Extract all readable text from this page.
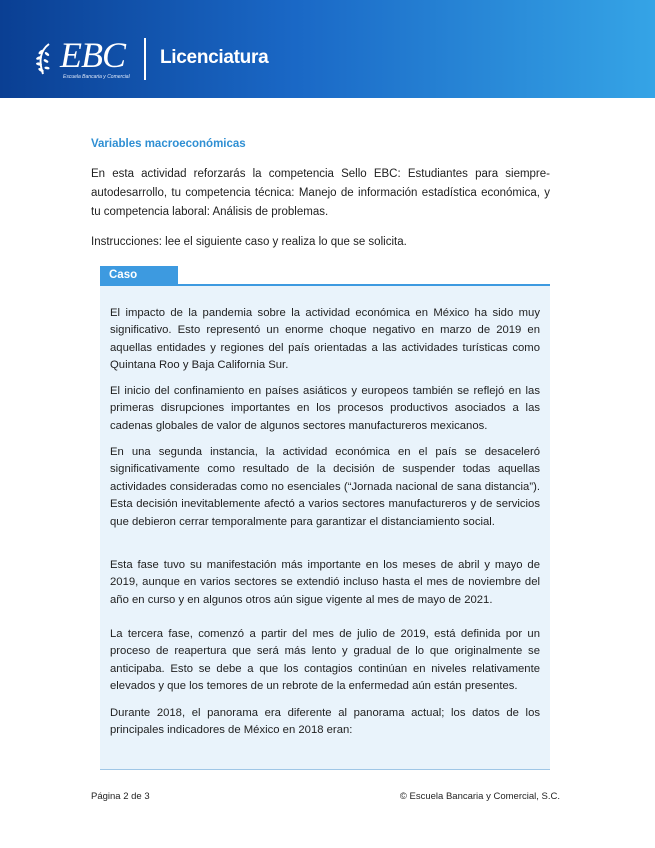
EBC
Escuela Bancaria y Comercial
Licenciatura
Variables macroeconómicas

En esta actividad reforzarás la competencia Sello EBC: Estudiantes para siempre-autodesarrollo, tu competencia técnica: Manejo de información estadística económica, y tu competencia laboral: Análisis de problemas.

Instrucciones: lee el siguiente caso y realiza lo que se solicita.

Caso

El impacto de la pandemia sobre la actividad económica en México ha sido muy significativo. Esto representó un enorme choque negativo en marzo de 2019 en aquellas entidades y regiones del país orientadas a las actividades turísticas como Quintana Roo y Baja California Sur.

El inicio del confinamiento en países asiáticos y europeos también se reflejó en las primeras disrupciones importantes en los procesos productivos asociados a las cadenas globales de valor de algunos sectores manufactureros mexicanos.

En una segunda instancia, la actividad económica en el país se desaceleró significativamente como resultado de la decisión de suspender todas aquellas actividades consideradas como no esenciales (“Jornada nacional de sana distancia”). Esta decisión inevitablemente afectó a varios sectores manufactureros y de servicios que debieron cerrar temporalmente para garantizar el distanciamiento social.

Esta fase tuvo su manifestación más importante en los meses de abril y mayo de 2019, aunque en varios sectores se extendió incluso hasta el mes de noviembre del año en curso y en algunos otros aún sigue vigente al mes de mayo de 2021.

La tercera fase, comenzó a partir del mes de julio de 2019, está definida por un proceso de reapertura que será más lento y gradual de lo que originalmente se anticipaba. Esto se debe a que los contagios continúan en niveles relativamente elevados y que los temores de un rebrote de la enfermedad aún están presentes.

Durante 2018, el panorama era diferente al panorama actual; los datos de los principales indicadores de México en 2018 eran:

Página 2 de 3	© Escuela Bancaria y Comercial, S.C.
